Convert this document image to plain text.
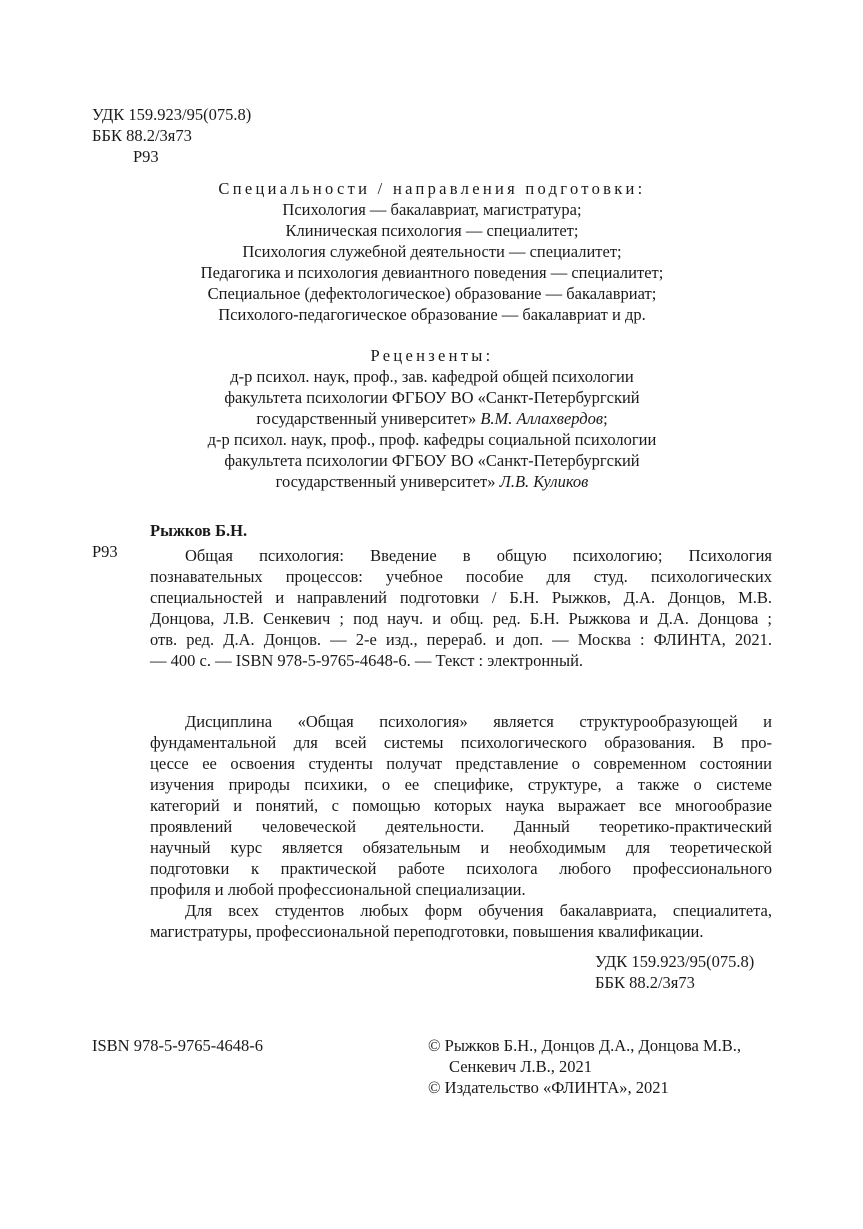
УДК 159.923/95(075.8)
ББК 88.2/3я73
Р93
Специальности / направления подготовки:
Психология — бакалавриат, магистратура;
Клиническая психология — специалитет;
Психология служебной деятельности — специалитет;
Педагогика и психология девиантного поведения — специалитет;
Специальное (дефектологическое) образование — бакалавриат;
Психолого-педагогическое образование — бакалавриат и др.
Рецензенты:
д-р психол. наук, проф., зав. кафедрой общей психологии
факультета психологии ФГБОУ ВО «Санкт-Петербургский
государственный университет» В.М. Аллахвердов;
д-р психол. наук, проф., проф. кафедры социальной психологии
факультета психологии ФГБОУ ВО «Санкт-Петербургский
государственный университет» Л.В. Куликов
Рыжков Б.Н.
Р93	Общая психология: Введение в общую психологию; Психология
познавательных процессов: учебное пособие для студ. психологических
специальностей и направлений подготовки / Б.Н. Рыжков, Д.А. Донцов, М.В.
Донцова, Л.В. Сенкевич ; под науч. и общ. ред. Б.Н. Рыжкова и Д.А. Донцова ;
отв. ред. Д.А. Донцов. — 2-е изд., перераб. и доп. — Москва : ФЛИНТА, 2021.
— 400 с. — ISBN 978-5-9765-4648-6. — Текст : электронный.
Дисциплина «Общая психология» является структурообразующей и
фундаментальной для всей системы психологического образования. В про-
цессе ее освоения студенты получат представление о современном состоянии
изучения природы психики, о ее специфике, структуре, а также о системе
категорий и понятий, с помощью которых наука выражает все многообразие
проявлений человеческой деятельности. Данный теоретико-практический
научный курс является обязательным и необходимым для теоретической
подготовки к практической работе психолога любого профессионального
профиля и любой профессиональной специализации.
Для всех студентов любых форм обучения бакалавриата, специалитета,
магистратуры, профессиональной переподготовки, повышения квалификации.
УДК 159.923/95(075.8)
ББК 88.2/3я73
ISBN 978-5-9765-4648-6	© Рыжков Б.Н., Донцов Д.А., Донцова М.В.,
Сенкевич Л.В., 2021
© Издательство «ФЛИНТА», 2021
